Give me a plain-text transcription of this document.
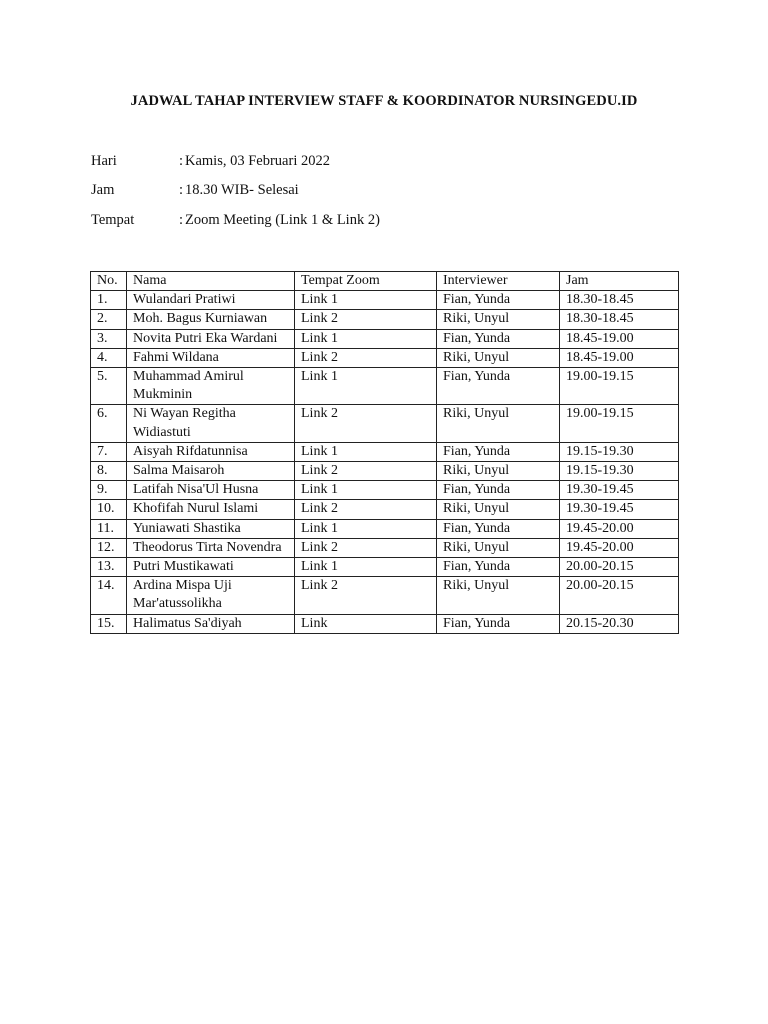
JADWAL TAHAP INTERVIEW STAFF & KOORDINATOR NURSINGEDU.ID
Hari	: Kamis, 03 Februari 2022
Jam	: 18.30 WIB- Selesai
Tempat	: Zoom Meeting (Link 1 & Link 2)
No.	Nama	Tempat Zoom	Interviewer	Jam
1.	Wulandari Pratiwi	Link 1	Fian, Yunda	18.30-18.45
2.	Moh. Bagus Kurniawan	Link 2	Riki, Unyul	18.30-18.45
3.	Novita Putri Eka Wardani	Link 1	Fian, Yunda	18.45-19.00
4.	Fahmi Wildana	Link 2	Riki, Unyul	18.45-19.00
5.	Muhammad Amirul Mukminin	Link 1	Fian, Yunda	19.00-19.15
6.	Ni Wayan Regitha Widiastuti	Link 2	Riki, Unyul	19.00-19.15
7.	Aisyah Rifdatunnisa	Link 1	Fian, Yunda	19.15-19.30
8.	Salma Maisaroh	Link 2	Riki, Unyul	19.15-19.30
9.	Latifah Nisa'Ul Husna	Link 1	Fian, Yunda	19.30-19.45
10.	Khofifah Nurul Islami	Link 2	Riki, Unyul	19.30-19.45
11.	Yuniawati Shastika	Link 1	Fian, Yunda	19.45-20.00
12.	Theodorus Tirta Novendra	Link 2	Riki, Unyul	19.45-20.00
13.	Putri Mustikawati	Link 1	Fian, Yunda	20.00-20.15
14.	Ardina Mispa Uji Mar'atussolikha	Link 2	Riki, Unyul	20.00-20.15
15.	Halimatus Sa'diyah	Link	Fian, Yunda	20.15-20.30
